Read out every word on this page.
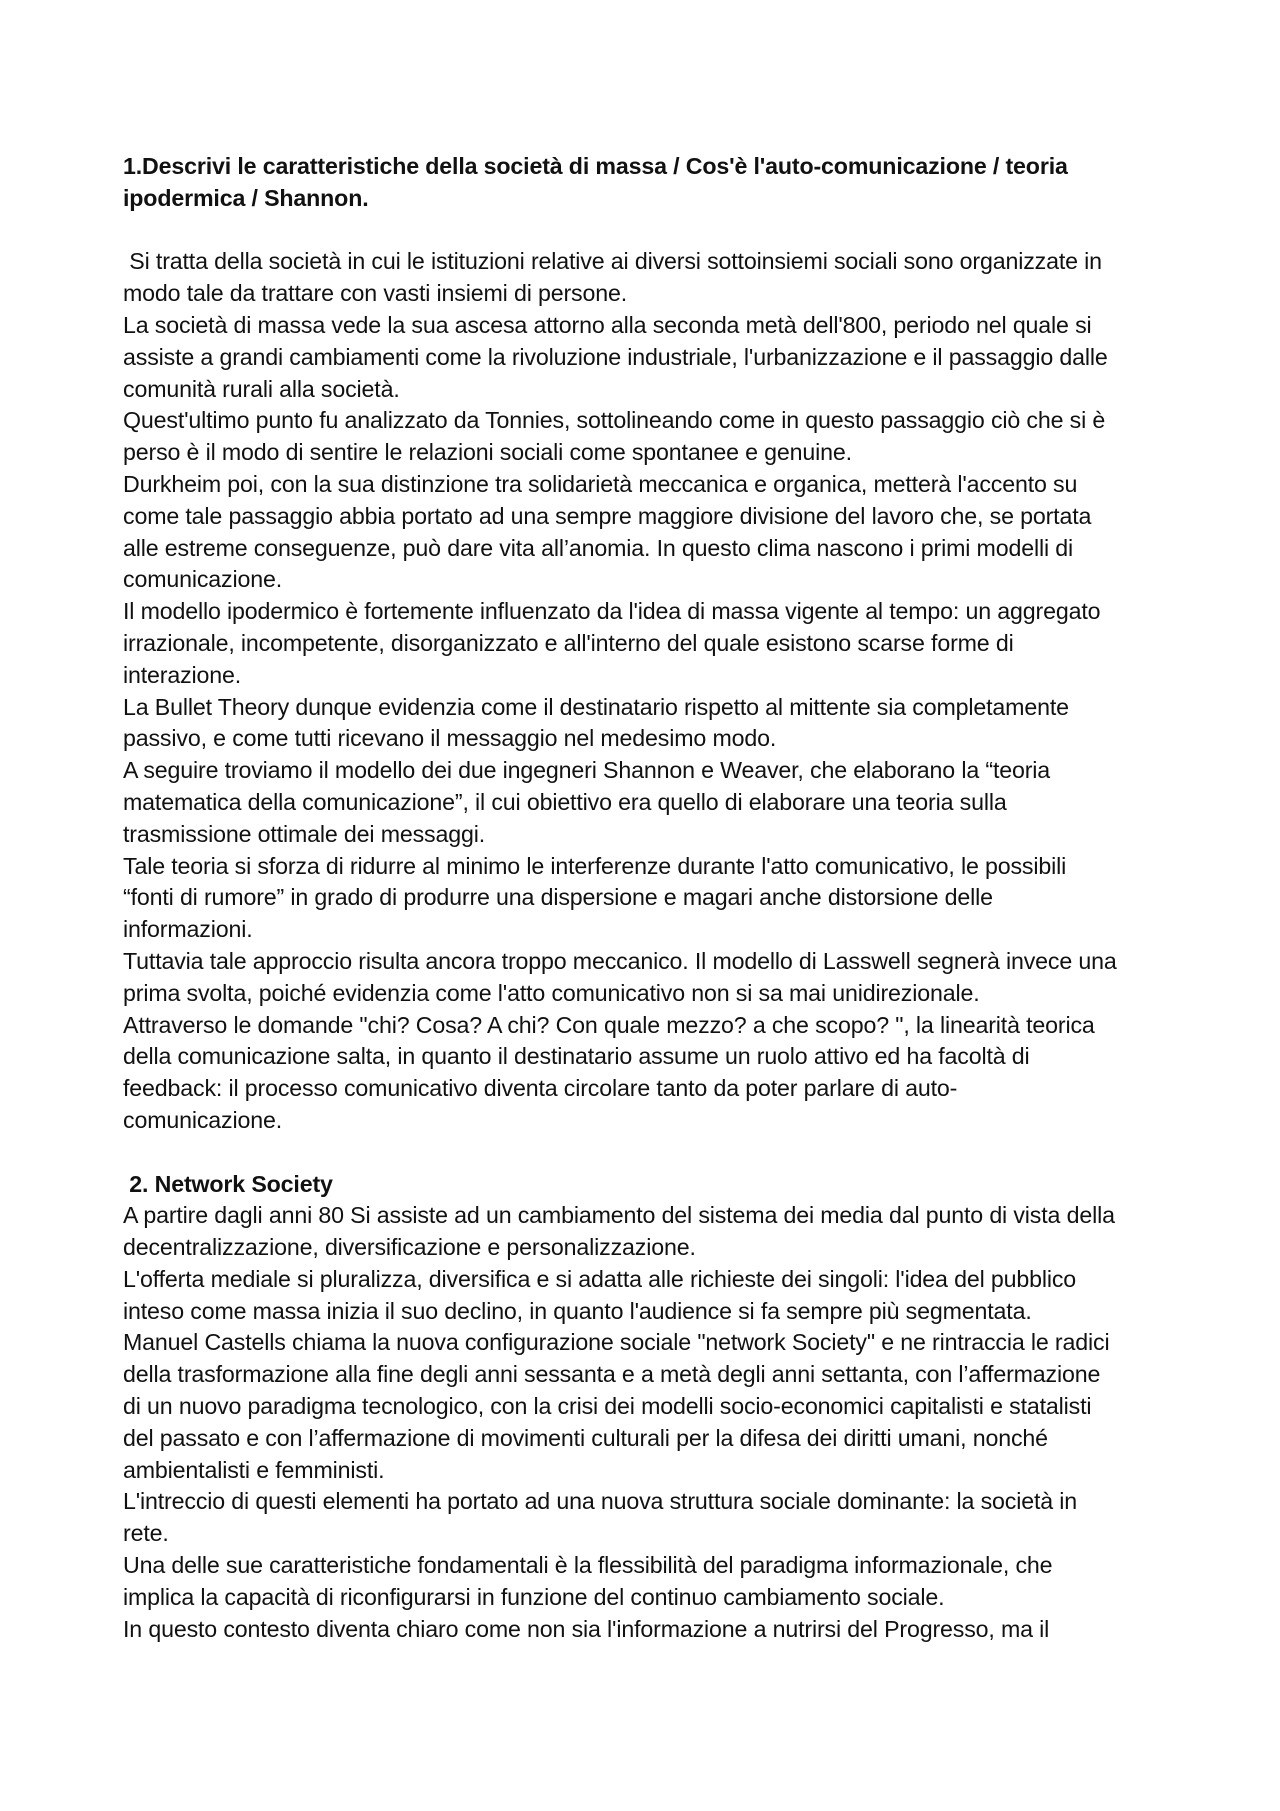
1.Descrivi le caratteristiche della società di massa / Cos'è l'auto-comunicazione / teoria
ipodermica / Shannon.
Si tratta della società in cui le istituzioni relative ai diversi sottoinsiemi sociali sono organizzate in
modo tale da trattare con vasti insiemi di persone.
La società di massa vede la sua ascesa attorno alla seconda metà dell'800, periodo nel quale si
assiste a grandi cambiamenti come la rivoluzione industriale, l'urbanizzazione e il passaggio dalle
comunità rurali alla società.
Quest'ultimo punto fu analizzato da Tonnies, sottolineando come in questo passaggio ciò che si è
perso è il modo di sentire le relazioni sociali come spontanee e genuine.
Durkheim poi, con la sua distinzione tra solidarietà meccanica e organica, metterà l'accento su
come tale passaggio abbia portato ad una sempre maggiore divisione del lavoro che, se portata
alle estreme conseguenze, può dare vita all’anomia. In questo clima nascono i primi modelli di
comunicazione.
Il modello ipodermico è fortemente influenzato da l'idea di massa vigente al tempo: un aggregato
irrazionale, incompetente, disorganizzato e all'interno del quale esistono scarse forme di
interazione.
La Bullet Theory dunque evidenzia come il destinatario rispetto al mittente sia completamente
passivo, e come tutti ricevano il messaggio nel medesimo modo.
A seguire troviamo il modello dei due ingegneri Shannon e Weaver, che elaborano la “teoria
matematica della comunicazione”, il cui obiettivo era quello di elaborare una teoria sulla
trasmissione ottimale dei messaggi.
Tale teoria si sforza di ridurre al minimo le interferenze durante l'atto comunicativo, le possibili
“fonti di rumore” in grado di produrre una dispersione e magari anche distorsione delle
informazioni.
Tuttavia tale approccio risulta ancora troppo meccanico. Il modello di Lasswell segnerà invece una
prima svolta, poiché evidenzia come l'atto comunicativo non si sa mai unidirezionale.
Attraverso le domande "chi? Cosa? A chi? Con quale mezzo? a che scopo? ", la linearità teorica
della comunicazione salta, in quanto il destinatario assume un ruolo attivo ed ha facoltà di
feedback: il processo comunicativo diventa circolare tanto da poter parlare di auto-
comunicazione.
2. Network Society
A partire dagli anni 80 Si assiste ad un cambiamento del sistema dei media dal punto di vista della
decentralizzazione, diversificazione e personalizzazione.
L'offerta mediale si pluralizza, diversifica e si adatta alle richieste dei singoli: l'idea del pubblico
inteso come massa inizia il suo declino, in quanto l'audience si fa sempre più segmentata.
Manuel Castells chiama la nuova configurazione sociale "network Society" e ne rintraccia le radici
della trasformazione alla fine degli anni sessanta e a metà degli anni settanta, con l’affermazione
di un nuovo paradigma tecnologico, con la crisi dei modelli socio-economici capitalisti e statalisti
del passato e con l’affermazione di movimenti culturali per la difesa dei diritti umani, nonché
ambientalisti e femministi.
L'intreccio di questi elementi ha portato ad una nuova struttura sociale dominante: la società in
rete.
Una delle sue caratteristiche fondamentali è la flessibilità del paradigma informazionale, che
implica la capacità di riconfigurarsi in funzione del continuo cambiamento sociale.
In questo contesto diventa chiaro come non sia l'informazione a nutrirsi del Progresso, ma il
